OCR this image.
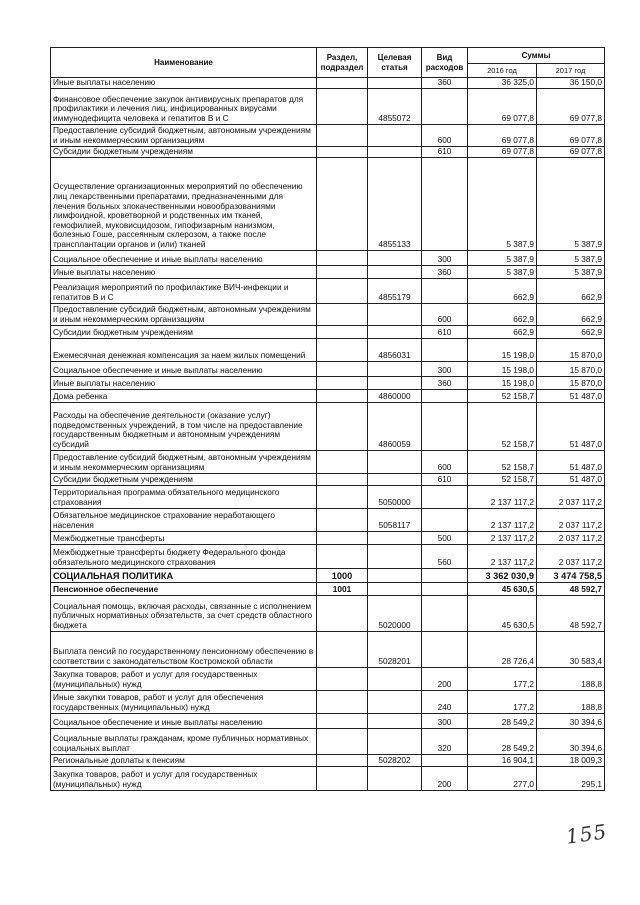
Наименование	Раздел, подраздел	Целевая статья	Вид расходов	Суммы	
				2016 год	2017 год
Иные выплаты населению			360	36 325,0	36 150,0
Финансовое обеспечение закупок антивирусных препаратов для профилактики и лечения лиц, инфицированных вирусами иммунодефицита человека и гепатитов В и С		4855072		69 077,8	69 077,8
Предоставление субсидий бюджетным, автономным учреждениям и иным некоммерческим организациям			600	69 077,8	69 077,8
Субсидии бюджетным учреждениям			610	69 077,8	69 077,8
Осуществление организационных мероприятий по обеспечению лиц лекарственными препаратами, предназначенными для лечения больных злокачественными новообразованиями лимфоидной, кроветворной и родственных им тканей, гемофилией, муковисцидозом, гипофизарным нанизмом, болезнью Гоше, рассеянным склерозом, а также после трансплантации органов и (или) тканей		4855133		5 387,9	5 387,9
Социальное обеспечение и иные выплаты населению			300	5 387,9	5 387,9
Иные выплаты населению			360	5 387,9	5 387,9
Реализация мероприятий по профилактике ВИЧ-инфекции и гепатитов В и С		4855179		662,9	662,9
Предоставление субсидий бюджетным, автономным учреждениям и иным некоммерческим организациям			600	662,9	662,9
Субсидии бюджетным учреждениям			610	662,9	662,9
Ежемесячная денежная компенсация за наем жилых помещений		4856031		15 198,0	15 870,0
Социальное обеспечение и иные выплаты населению			300	15 198,0	15 870,0
Иные выплаты населению			360	15 198,0	15 870,0
Дома ребенка		4860000		52 158,7	51 487,0
Расходы на обеспечение деятельности (оказание услуг) подведомственных учреждений, в том числе на предоставление государственным бюджетным и автономным учреждениям субсидий		4860059		52 158,7	51 487,0
Предоставление субсидий бюджетным, автономным учреждениям и иным некоммерческим организациям			600	52 158,7	51 487,0
Субсидии бюджетным учреждениям			610	52 158,7	51 487,0
Территориальная программа обязательного медицинского страхования		5050000		2 137 117,2	2 037 117,2
Обязательное медицинское страхование неработающего населения		5058117		2 137 117,2	2 037 117,2
Межбюджетные трансферты			500	2 137 117,2	2 037 117,2
Межбюджетные трансферты бюджету Федерального фонда обязательного медицинского страхования			560	2 137 117,2	2 037 117,2
СОЦИАЛЬНАЯ ПОЛИТИКА	1000			3 362 030,9	3 474 758,5
Пенсионное обеспечение	1001			45 630,5	48 592,7
Социальная помощь, включая расходы, связанные с исполнением публичных нормативных обязательств, за счет средств областного бюджета		5020000		45 630,5	48 592,7
Выплата пенсий по государственному пенсионному обеспечению в соответствии с законодательством Костромской области		5028201		28 726,4	30 583,4
Закупка товаров, работ и услуг для государственных (муниципальных) нужд			200	177,2	188,8
Иные закупки товаров, работ и услуг для обеспечения государственных (муниципальных) нужд			240	177,2	188,8
Социальное обеспечение и иные выплаты населению			300	28 549,2	30 394,6
Социальные выплаты гражданам, кроме публичных нормативных социальных выплат			320	28 549,2	30 394,6
Региональные доплаты к пенсиям		5028202		16 904,1	18 009,3
Закупка товаров, работ и услуг для государственных (муниципальных) нужд			200	277,0	295,1
155
